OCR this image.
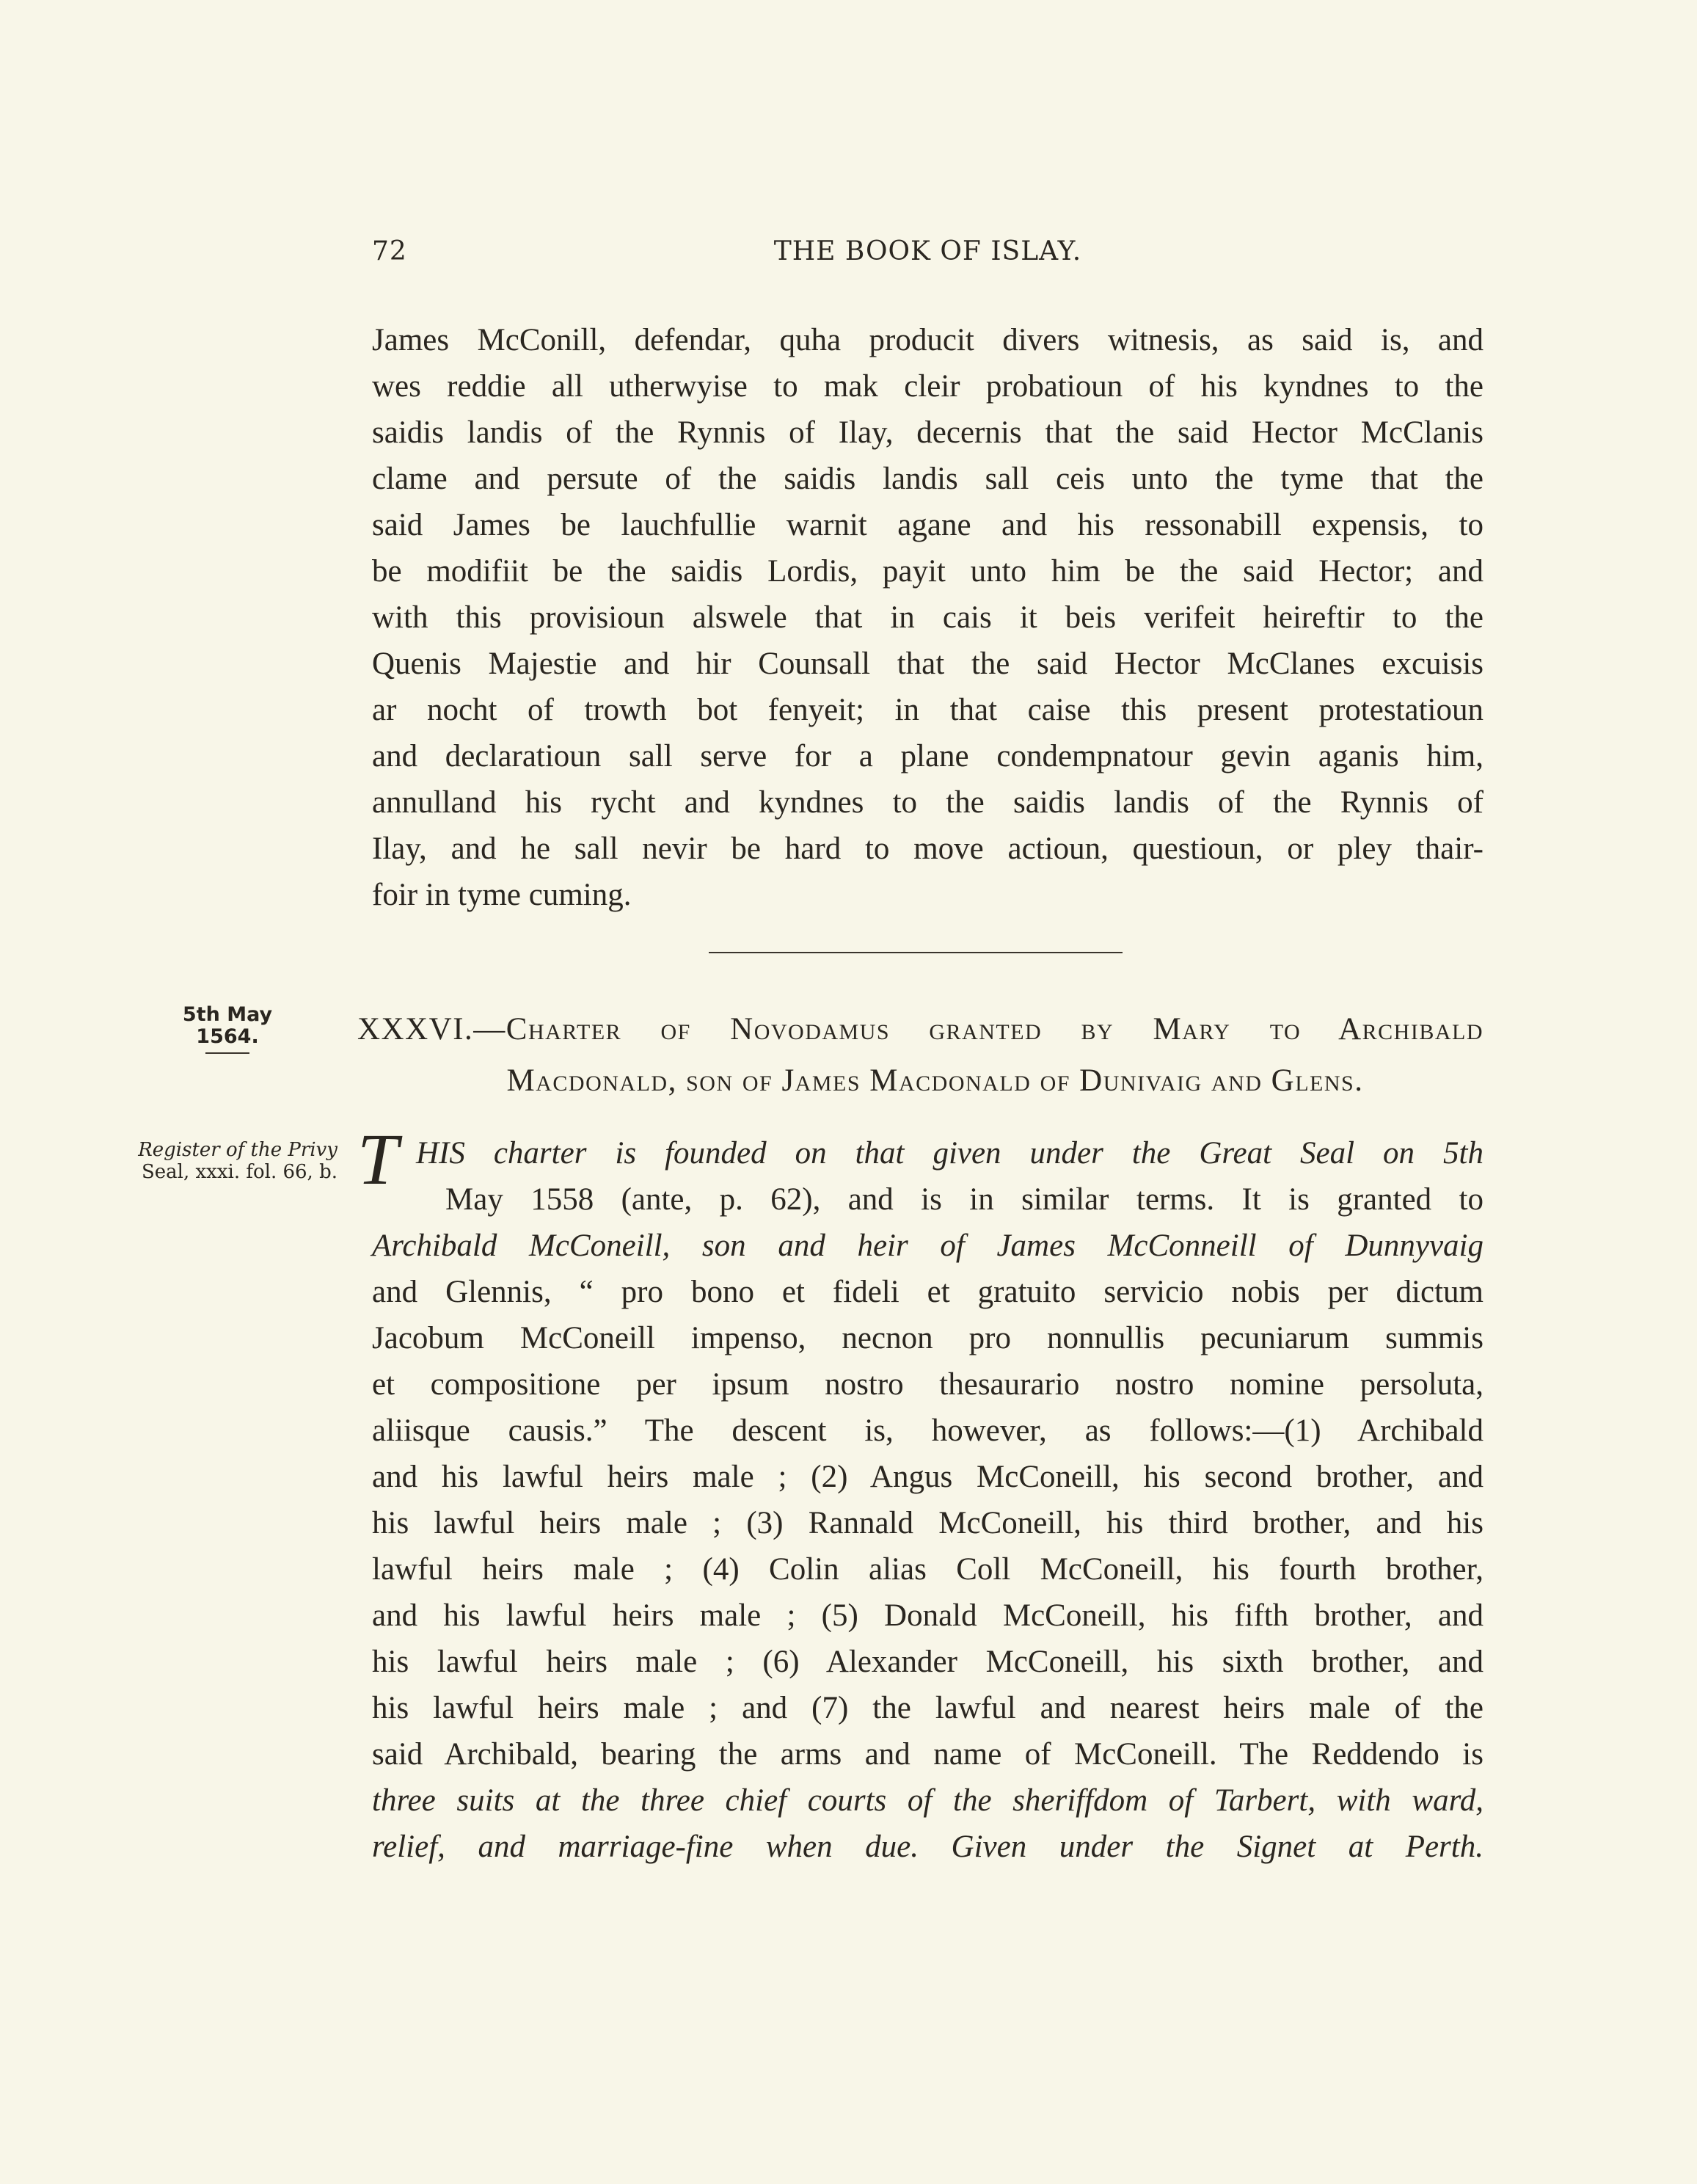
72	THE BOOK OF ISLAY.
James McConill, defendar, quha producit divers witnesis, as said is, and
wes reddie all utherwyise to mak cleir probatioun of his kyndnes to the
saidis landis of the Rynnis of Ilay, decernis that the said Hector McClanis
clame and persute of the saidis landis sall ceis unto the tyme that the
said James be lauchfullie warnit agane and his ressonabill expensis, to
be modifiit be the saidis Lordis, payit unto him be the said Hector; and
with this provisioun alswele that in cais it beis verifeit heireftir to the
Quenis Majestie and hir Counsall that the said Hector McClanes excuisis
ar nocht of trowth bot fenyeit; in that caise this present protestatioun
and declaratioun sall serve for a plane condempnatour gevin aganis him,
annulland his rycht and kyndnes to the saidis landis of the Rynnis of
Ilay, and he sall nevir be hard to move actioun, questioun, or pley thair-
foir in tyme cuming.
5th May
1564.	XXXVI.—Charter of Novodamus granted by Mary to Archibald
Macdonald, son of James Macdonald of Dunivaig and Glens.
Register of the Privy
Seal, xxxi. fol. 66, b. T HIS charter is founded on that given under the Great Seal on 5th
May 1558 (ante, p. 62), and is in similar terms. It is granted to
Archibald McConeill, son and heir of James McConneill of Dunnyvaig
and Glennis, “ pro bono et fideli et gratuito servicio nobis per dictum
Jacobum McConeill impenso, necnon pro nonnullis pecuniarum summis
et compositione per ipsum nostro thesaurario nostro nomine persoluta,
aliisque causis.” The descent is, however, as follows:—(1) Archibald
and his lawful heirs male ; (2) Angus McConeill, his second brother, and
his lawful heirs male ; (3) Rannald McConeill, his third brother, and his
lawful heirs male ; (4) Colin alias Coll McConeill, his fourth brother,
and his lawful heirs male ; (5) Donald McConeill, his fifth brother, and
his lawful heirs male ; (6) Alexander McConeill, his sixth brother, and
his lawful heirs male ; and (7) the lawful and nearest heirs male of the
said Archibald, bearing the arms and name of McConeill. The Reddendo is
three suits at the three chief courts of the sheriffdom of Tarbert, with ward,
relief, and marriage-fine when due. Given under the Signet at Perth.
